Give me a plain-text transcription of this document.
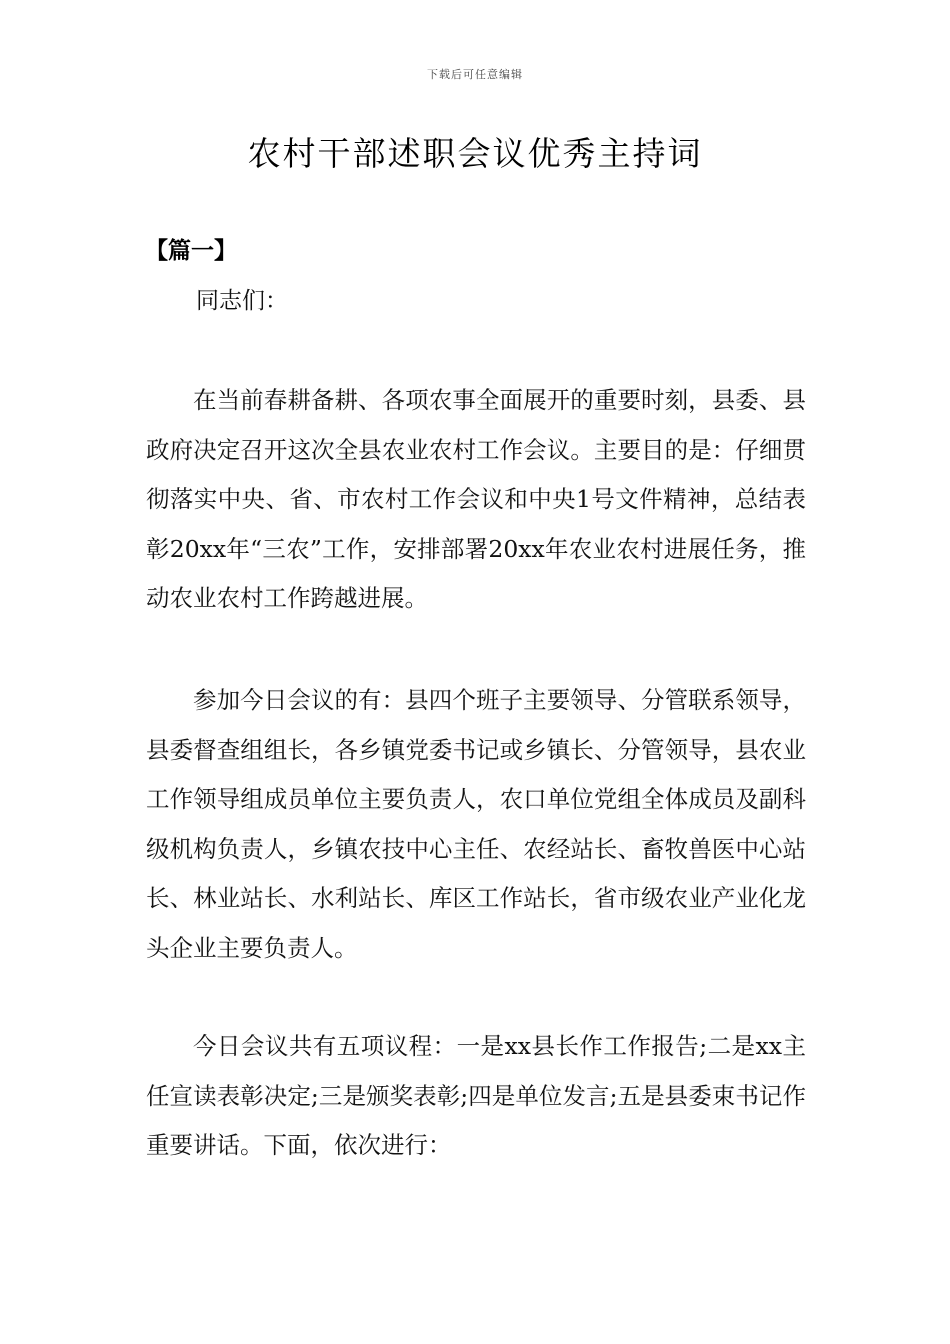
下载后可任意编辑
农村干部述职会议优秀主持词
【篇一】
同志们：

在当前春耕备耕、各项农事全面展开的重要时刻，县委、县政府决定召开这次全县农业农村工作会议。主要目的是：仔细贯彻落实中央、省、市农村工作会议和中央1号文件精神，总结表彰20xx年“三农”工作，安排部署20xx年农业农村进展任务，推动农业农村工作跨越进展。

参加今日会议的有：县四个班子主要领导、分管联系领导，县委督查组组长，各乡镇党委书记或乡镇长、分管领导，县农业工作领导组成员单位主要负责人，农口单位党组全体成员及副科级机构负责人，乡镇农技中心主任、农经站长、畜牧兽医中心站长、林业站长、水利站长、库区工作站长，省市级农业产业化龙头企业主要负责人。

今日会议共有五项议程：一是xx县长作工作报告;二是xx主任宣读表彰决定;三是颁奖表彰;四是单位发言;五是县委束书记作重要讲话。下面，依次进行：
